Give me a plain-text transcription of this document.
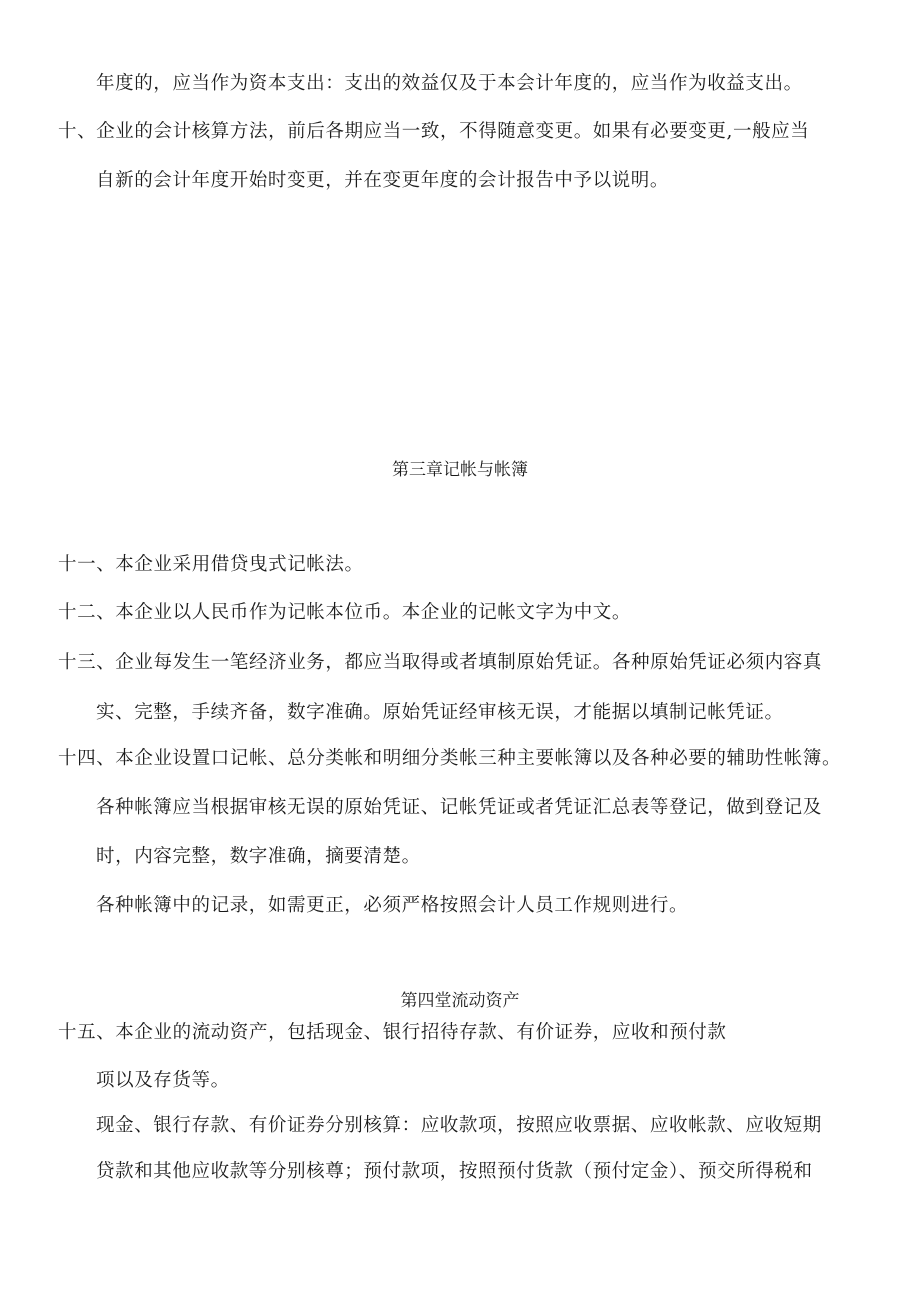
年度的，应当作为资本支出：支出的效益仅及于本会计年度的，应当作为收益支出。
十、企业的会计核算方法，前后各期应当一致，不得随意变更。如果有必要变更,一般应当
自新的会计年度开始时变更，并在变更年度的会计报告中予以说明。
第三章记帐与帐簿
十一、本企业采用借贷曳式记帐法。
十二、本企业以人民币作为记帐本位币。本企业的记帐文字为中文。
十三、企业每发生一笔经济业务，都应当取得或者填制原始凭证。各种原始凭证必须内容真
实、完整，手续齐备，数字准确。原始凭证经审核无误，才能据以填制记帐凭证。
十四、本企业设置口记帐、总分类帐和明细分类帐三种主要帐簿以及各种必要的辅助性帐簿。
各种帐簿应当根据审核无误的原始凭证、记帐凭证或者凭证汇总表等登记，做到登记及
时，内容完整，数字准确，摘要清楚。
各种帐簿中的记录，如需更正，必须严格按照会计人员工作规则进行。
第四堂流动资产
十五、本企业的流动资产，包括现金、银行招待存款、有价证券，应收和预付款
项以及存货等。
现金、银行存款、有价证券分别核算：应收款项，按照应收票据、应收帐款、应收短期
贷款和其他应收款等分别核尊；预付款项，按照预付货款（预付定金）、预交所得税和
